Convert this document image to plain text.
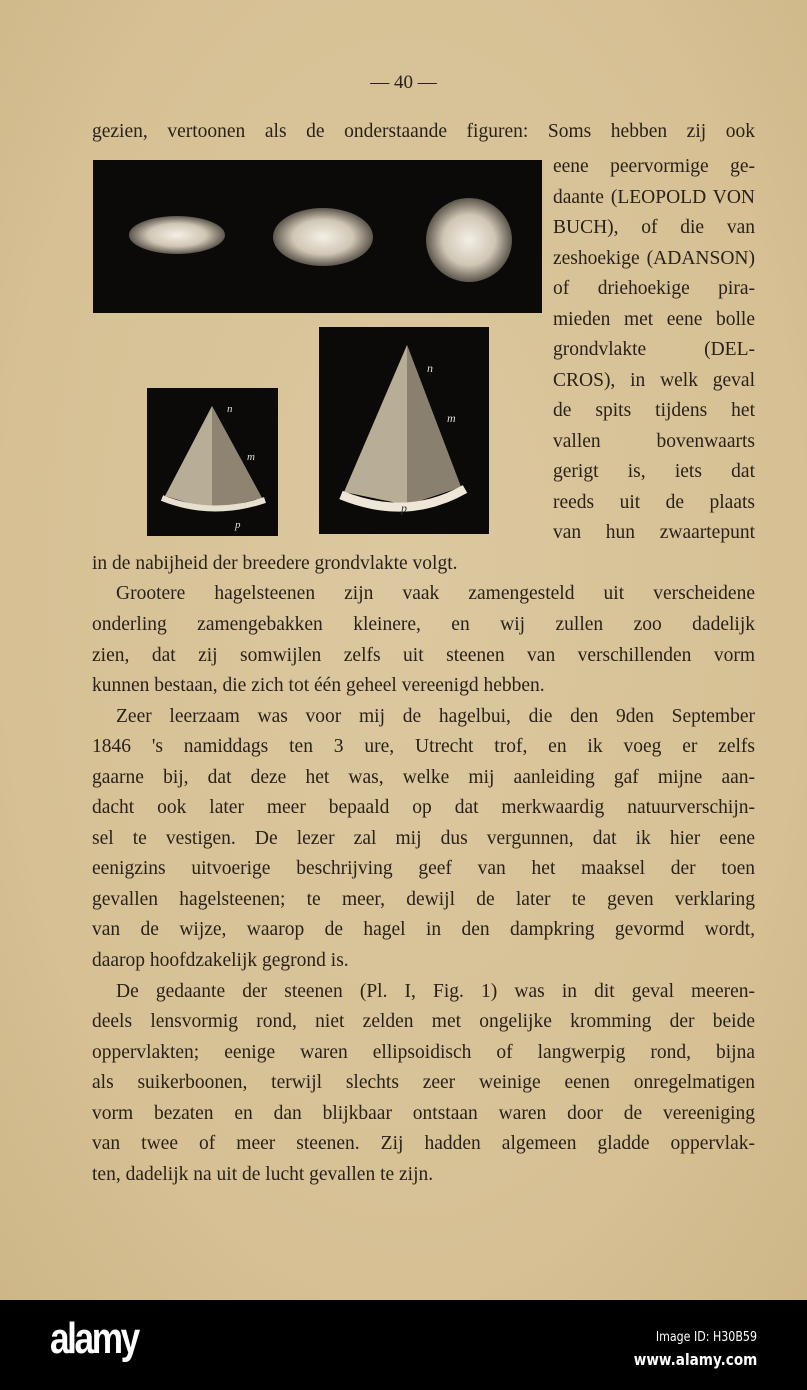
— 40 —
gezien, vertoonen als de onderstaande figuren: Soms hebben zij ook
eene peervormige ge-
daante (LEOPOLD VON
BUCH), of die van
zeshoekige (ADANSON)
of driehoekige pira-
mieden met eene bolle
grondvlakte (DEL-
CROS), in welk geval
de spits tijdens het
vallen bovenwaarts
gerigt is, iets dat
reeds uit de plaats
van hun zwaartepunt
in de nabijheid der breedere grondvlakte volgt.
Grootere hagelsteenen zijn vaak zamengesteld uit verscheidene
onderling zamengebakken kleinere, en wij zullen zoo dadelijk
zien, dat zij somwijlen zelfs uit steenen van verschillenden vorm
kunnen bestaan, die zich tot één geheel vereenigd hebben.
Zeer leerzaam was voor mij de hagelbui, die den 9den September
1846 's namiddags ten 3 ure, Utrecht trof, en ik voeg er zelfs
gaarne bij, dat deze het was, welke mij aanleiding gaf mijne aan-
dacht ook later meer bepaald op dat merkwaardig natuurverschijn-
sel te vestigen. De lezer zal mij dus vergunnen, dat ik hier eene
eenigzins uitvoerige beschrijving geef van het maaksel der toen
gevallen hagelsteenen; te meer, dewijl de later te geven verklaring
van de wijze, waarop de hagel in den dampkring gevormd wordt,
daarop hoofdzakelijk gegrond is.
De gedaante der steenen (Pl. I, Fig. 1) was in dit geval meeren-
deels lensvormig rond, niet zelden met ongelijke kromming der beide
oppervlakten; eenige waren ellipsoidisch of langwerpig rond, bijna
als suikerboonen, terwijl slechts zeer weinige eenen onregelmatigen
vorm bezaten en dan blijkbaar ontstaan waren door de vereeniging
van twee of meer steenen. Zij hadden algemeen gladde oppervlak-
ten, dadelijk na uit de lucht gevallen te zijn.
n
m
p
n
m
p
alamy	Image ID: H30B59
www.alamy.com
